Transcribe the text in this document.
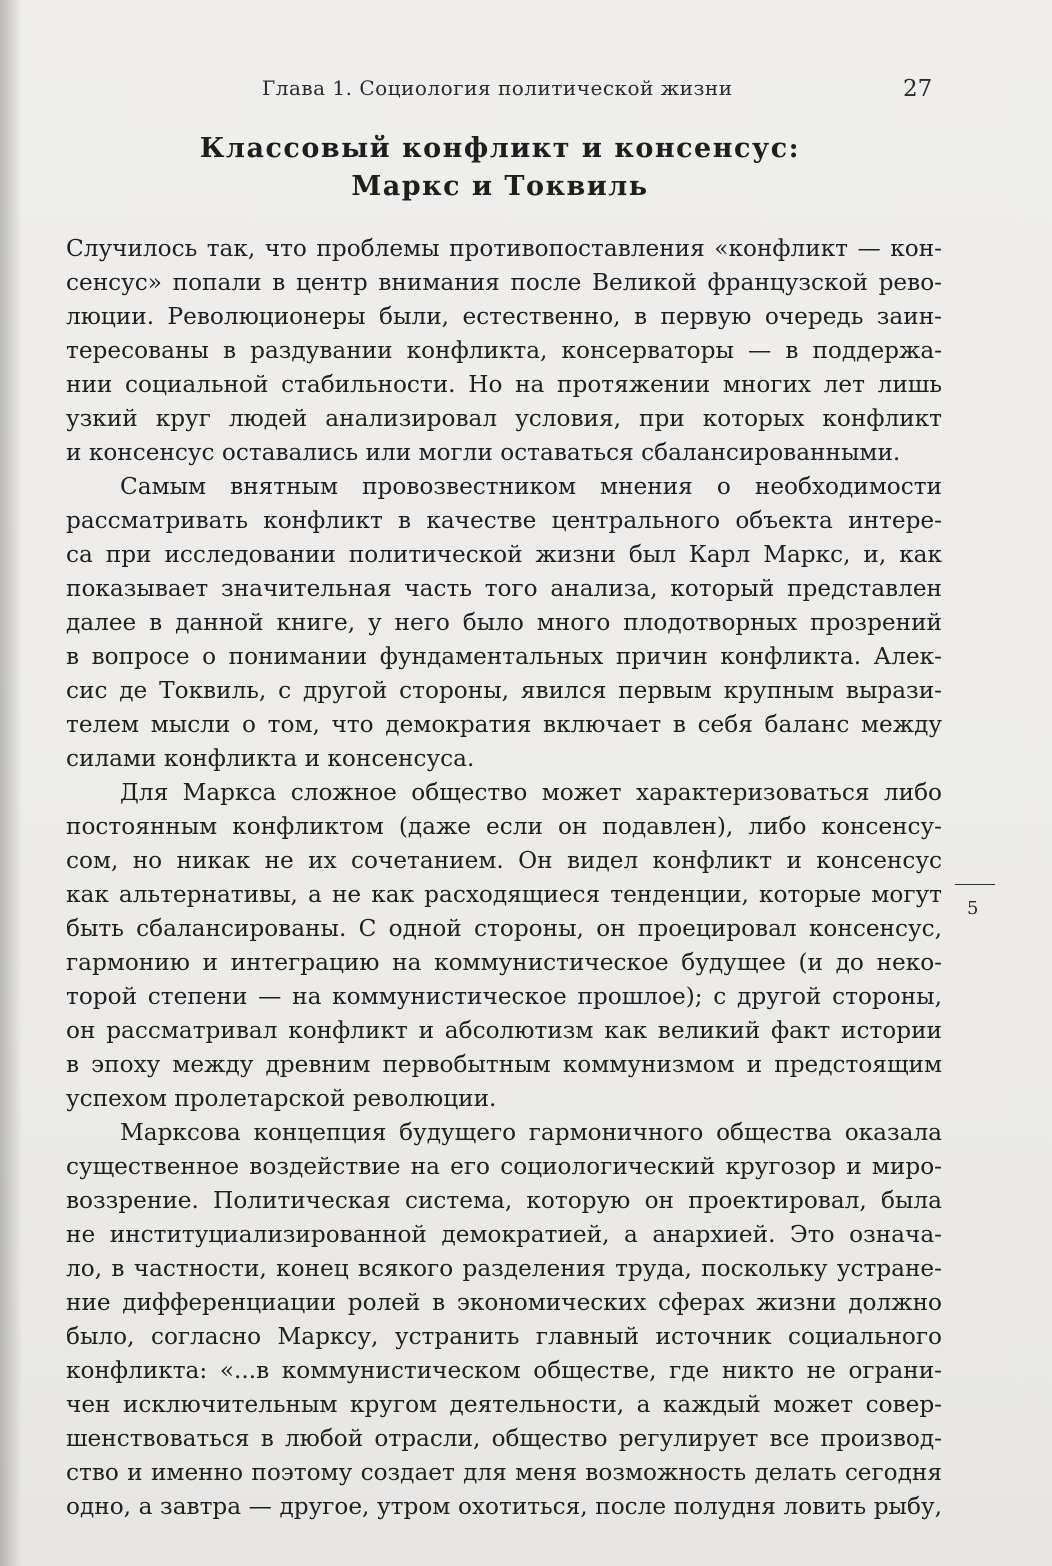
Глава 1. Социология политической жизни	27
Классовый конфликт и консенсус:
Маркс и Токвиль
Случилось так, что проблемы противопоставления «конфликт — кон-
сенсус» попали в центр внимания после Великой французской рево-
люции. Революционеры были, естественно, в первую очередь заин-
тересованы в раздувании конфликта, консерваторы — в поддержа-
нии социальной стабильности. Но на протяжении многих лет лишь
узкий круг людей анализировал условия, при которых конфликт
и консенсус оставались или могли оставаться сбалансированными.
Самым внятным провозвестником мнения о необходимости
рассматривать конфликт в качестве центрального объекта интере-
са при исследовании политической жизни был Карл Маркс, и, как
показывает значительная часть того анализа, который представлен
далее в данной книге, у него было много плодотворных прозрений
в вопросе о понимании фундаментальных причин конфликта. Алек-
сис де Токвиль, с другой стороны, явился первым крупным вырази-
телем мысли о том, что демократия включает в себя баланс между
силами конфликта и консенсуса.
Для Маркса сложное общество может характеризоваться либо
постоянным конфликтом (даже если он подавлен), либо консенсу-
сом, но никак не их сочетанием. Он видел конфликт и консенсус
как альтернативы, а не как расходящиеся тенденции, которые могут
быть сбалансированы. С одной стороны, он проецировал консенсус,
гармонию и интеграцию на коммунистическое будущее (и до неко-
торой степени — на коммунистическое прошлое); с другой стороны,
он рассматривал конфликт и абсолютизм как великий факт истории
в эпоху между древним первобытным коммунизмом и предстоящим
успехом пролетарской революции.
Марксова концепция будущего гармоничного общества оказала
существенное воздействие на его социологический кругозор и миро-
воззрение. Политическая система, которую он проектировал, была
не институциализированной демократией, а анархией. Это означа-
ло, в частности, конец всякого разделения труда, поскольку устране-
ние дифференциации ролей в экономических сферах жизни должно
было, согласно Марксу, устранить главный источник социального
конфликта: «...в коммунистическом обществе, где никто не ограни-
чен исключительным кругом деятельности, а каждый может совер-
шенствоваться в любой отрасли, общество регулирует все производ-
ство и именно поэтому создает для меня возможность делать сегодня
одно, а завтра — другое, утром охотиться, после полудня ловить рыбу,
5
